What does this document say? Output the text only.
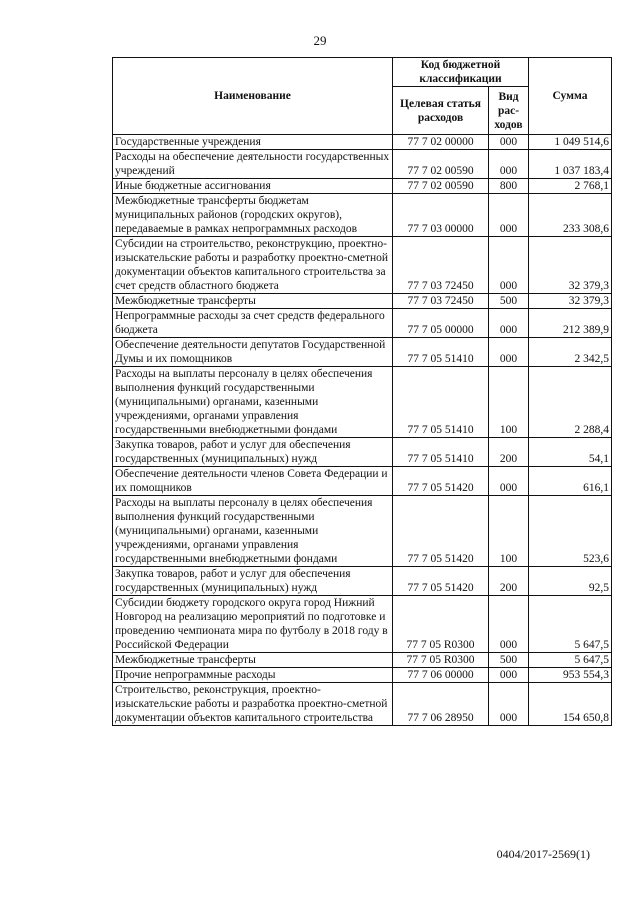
29
Наименование	Код бюджетной классификации		Сумма
	Целевая статья расходов	Вид рас-ходов	
Государственные учреждения	77 7 02 00000	000	1 049 514,6
Расходы на обеспечение деятельности государственных учреждений	77 7 02 00590	000	1 037 183,4
Иные бюджетные ассигнования	77 7 02 00590	800	2 768,1
Межбюджетные трансферты бюджетам муниципальных районов (городских округов), передаваемые в рамках непрограммных расходов	77 7 03 00000	000	233 308,6
Субсидии на строительство, реконструкцию, проектно-изыскательские работы и разработку проектно-сметной документации объектов капитального строительства за счет средств областного бюджета	77 7 03 72450	000	32 379,3
Межбюджетные трансферты	77 7 03 72450	500	32 379,3
Непрограммные расходы за счет средств федерального бюджета	77 7 05 00000	000	212 389,9
Обеспечение деятельности депутатов Государственной Думы и их помощников	77 7 05 51410	000	2 342,5
Расходы на выплаты персоналу в целях обеспечения выполнения функций государственными (муниципальными) органами, казенными учреждениями, органами управления государственными внебюджетными фондами	77 7 05 51410	100	2 288,4
Закупка товаров, работ и услуг для обеспечения государственных (муниципальных) нужд	77 7 05 51410	200	54,1
Обеспечение деятельности членов Совета Федерации и их помощников	77 7 05 51420	000	616,1
Расходы на выплаты персоналу в целях обеспечения выполнения функций государственными (муниципальными) органами, казенными учреждениями, органами управления государственными внебюджетными фондами	77 7 05 51420	100	523,6
Закупка товаров, работ и услуг для обеспечения государственных (муниципальных) нужд	77 7 05 51420	200	92,5
Субсидии бюджету городского округа город Нижний Новгород на реализацию мероприятий по подготовке и проведению чемпионата мира по футболу в 2018 году в Российской Федерации	77 7 05 R0300	000	5 647,5
Межбюджетные трансферты	77 7 05 R0300	500	5 647,5
Прочие непрограммные расходы	77 7 06 00000	000	953 554,3
Строительство, реконструкция, проектно-изыскательские работы и разработка проектно-сметной документации объектов капитального строительства	77 7 06 28950	000	154 650,8
0404/2017-2569(1)
